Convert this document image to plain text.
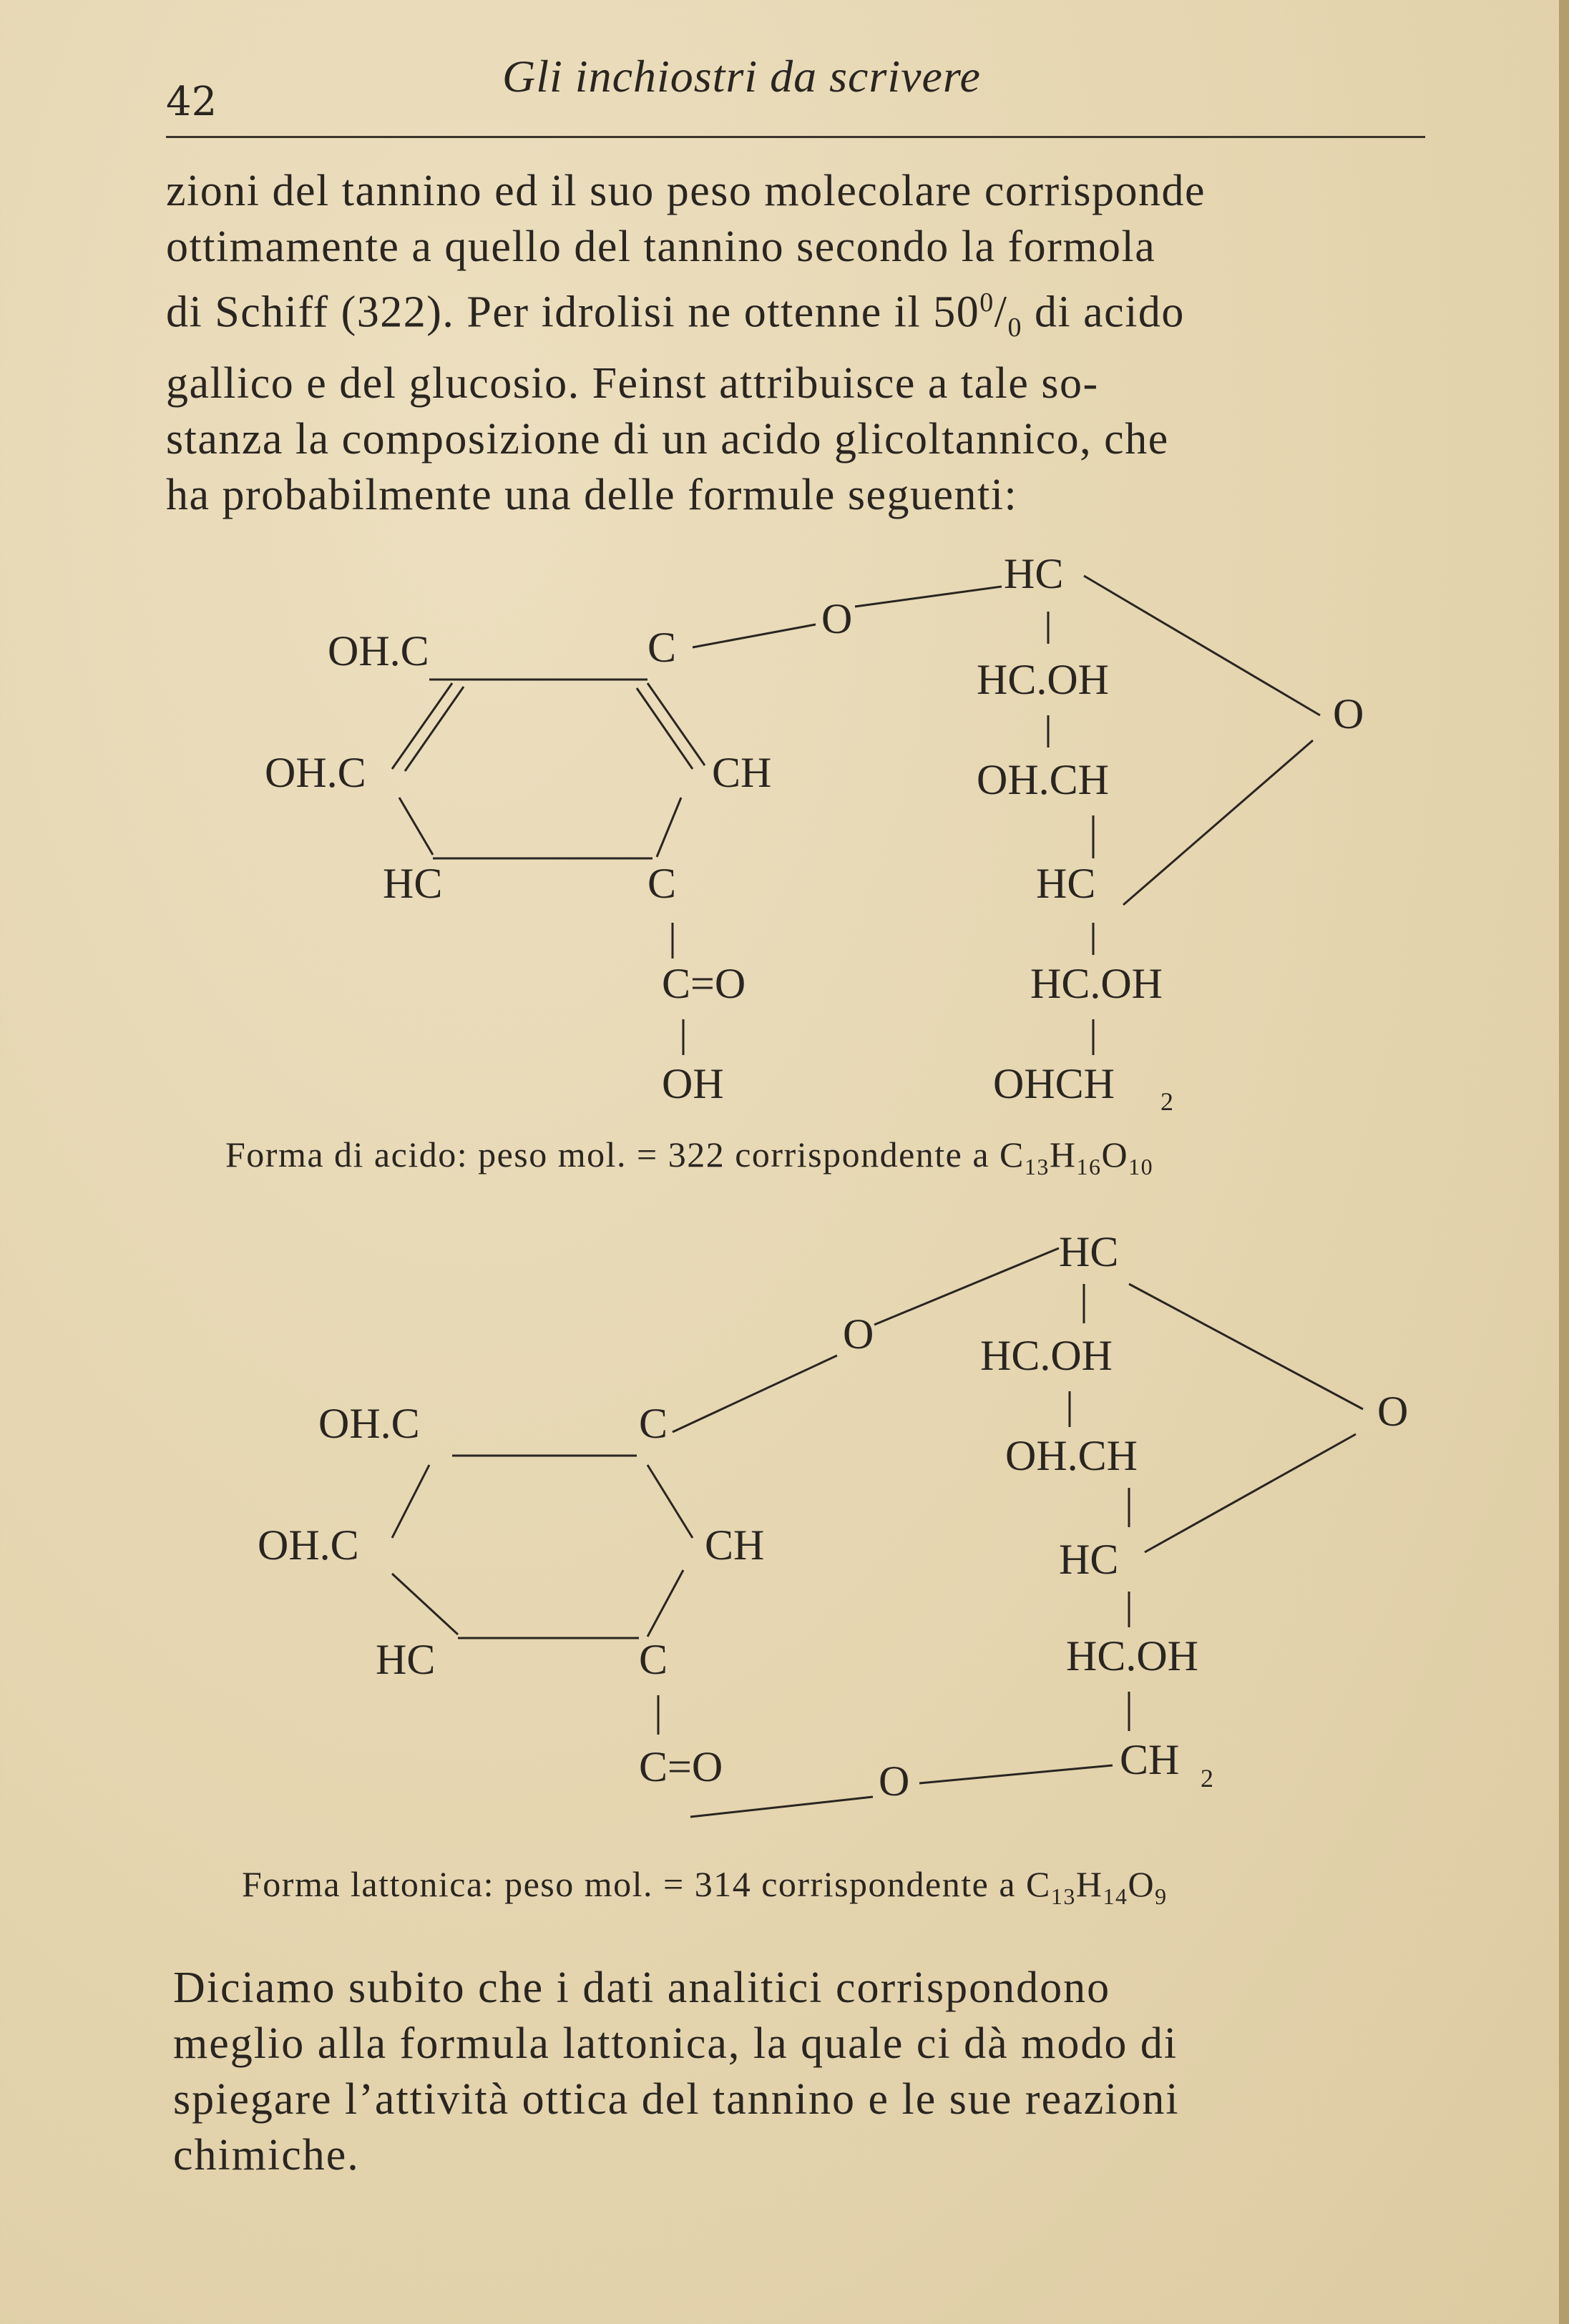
42
Gli inchiostri da scrivere

zioni del tannino ed il suo peso molecolare corrisponde
ottimamente a quello del tannino secondo la formola
di Schiff (322). Per idrolisi ne ottenne il $50^0/_0$ di acido
gallico e del glucosio. Feinst attribuisce a tale so-
stanza la composizione di un acido glicoltannico, che
ha probabilmente una delle formule seguenti:

OH.C	C
OH.C	CH
HC	C
C=O
OH
O
HC
HC.OH
OH.CH
HC
HC.OH
OHCH
O
2

Forma di acido: peso mol. = 322 corrispondente a $C_{13}H_{16}O_{10}$

OH.C	C
OH.C	CH
HC	C
C=O
O
O
HC
HC.OH
OH.CH
HC
HC.OH
CH
O
2

Forma lattonica: peso mol. = 314 corrispondente a $C_{13}H_{14}O_9$

Diciamo subito che i dati analitici corrispondono
meglio alla formula lattonica, la quale ci dà modo di
spiegare l’attività ottica del tannino e le sue reazioni
chimiche.
